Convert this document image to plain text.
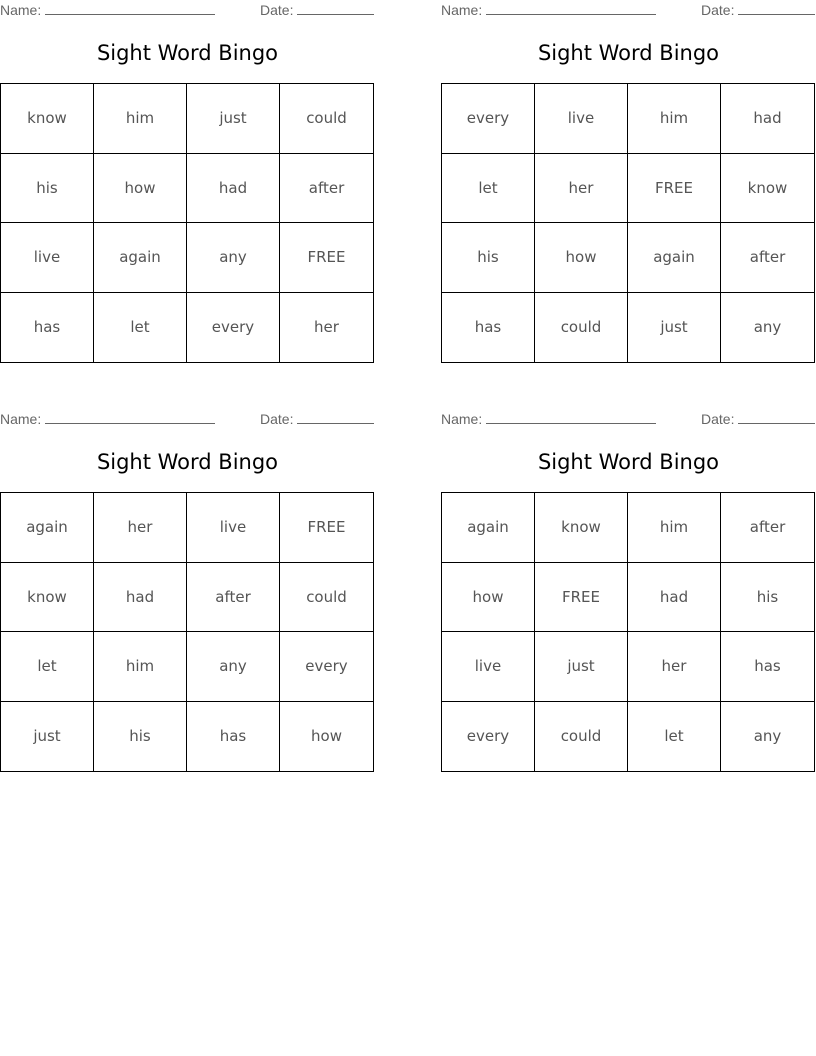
Name:	Date:
Sight Word Bingo
know	him	just	could
his	how	had	after
live	again	any	FREE
has	let	every	her
Name:	Date:
Sight Word Bingo
every	live	him	had
let	her	FREE	know
his	how	again	after
has	could	just	any
Name:	Date:
Sight Word Bingo
again	her	live	FREE
know	had	after	could
let	him	any	every
just	his	has	how
Name:	Date:
Sight Word Bingo
again	know	him	after
how	FREE	had	his
live	just	her	has
every	could	let	any
